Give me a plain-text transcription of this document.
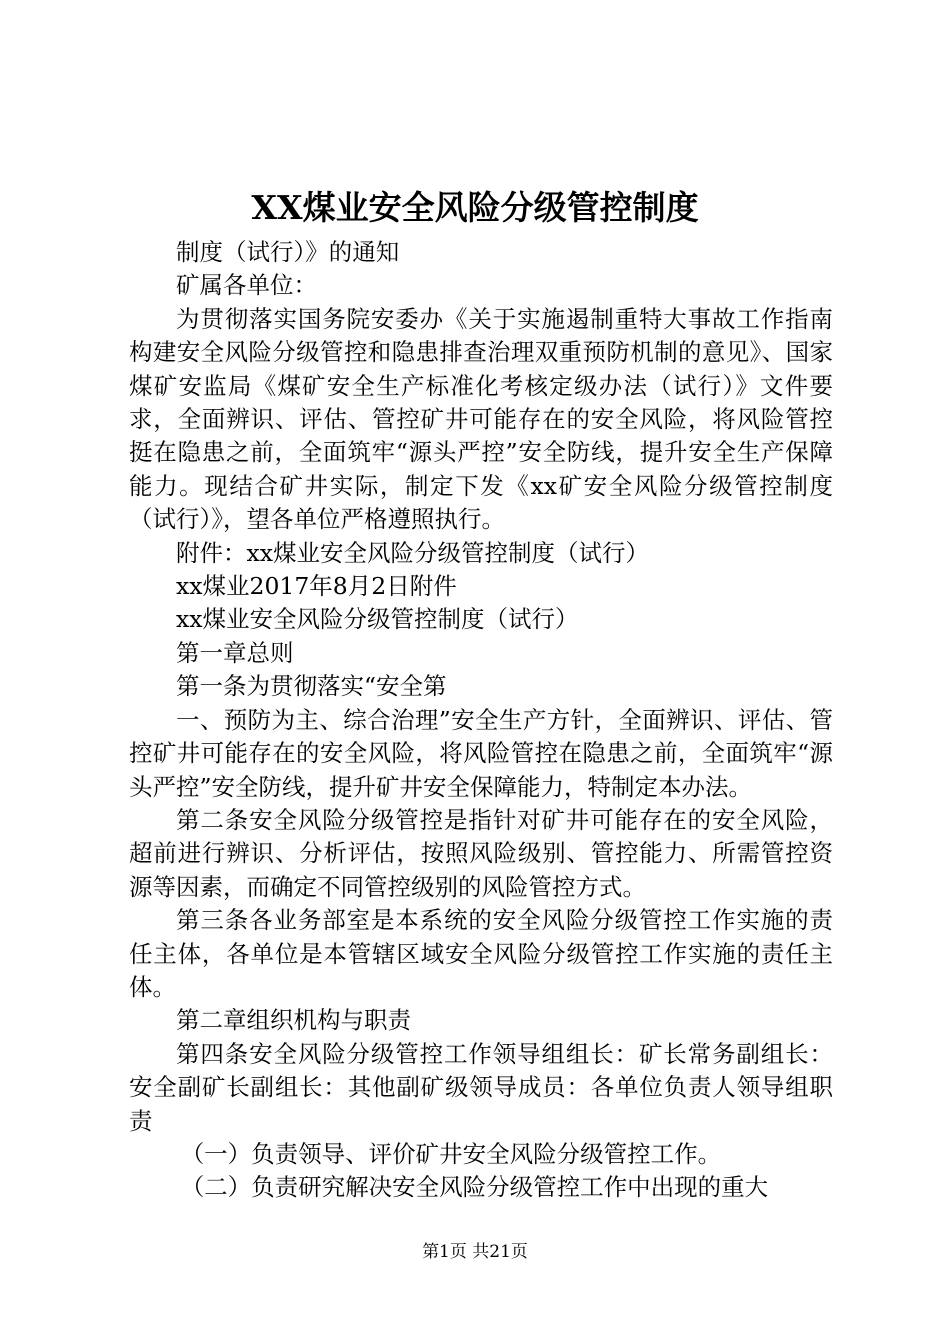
XX煤业安全风险分级管控制度

制度（试行）》的通知

矿属各单位：

为贯彻落实国务院安委办《关于实施遏制重特大事故工作指南构建安全风险分级管控和隐患排查治理双重预防机制的意见》、国家煤矿安监局《煤矿安全生产标准化考核定级办法（试行）》文件要求，全面辨识、评估、管控矿井可能存在的安全风险，将风险管控挺在隐患之前，全面筑牢“源头严控”安全防线，提升安全生产保障能力。现结合矿井实际，制定下发《xx矿安全风险分级管控制度（试行）》，望各单位严格遵照执行。

附件：xx煤业安全风险分级管控制度（试行）

xx煤业2017年8月2日附件

xx煤业安全风险分级管控制度（试行）

第一章总则

第一条为贯彻落实“安全第

一、预防为主、综合治理”安全生产方针，全面辨识、评估、管控矿井可能存在的安全风险，将风险管控在隐患之前，全面筑牢“源头严控”安全防线，提升矿井安全保障能力，特制定本办法。

第二条安全风险分级管控是指针对矿井可能存在的安全风险，超前进行辨识、分析评估，按照风险级别、管控能力、所需管控资源等因素，而确定不同管控级别的风险管控方式。

第三条各业务部室是本系统的安全风险分级管控工作实施的责任主体，各单位是本管辖区域安全风险分级管控工作实施的责任主体。

第二章组织机构与职责

第四条安全风险分级管控工作领导组组长：矿长常务副组长：安全副矿长副组长：其他副矿级领导成员：各单位负责人领导组职责

（一）负责领导、评价矿井安全风险分级管控工作。

（二）负责研究解决安全风险分级管控工作中出现的重大

第1页 共21页
